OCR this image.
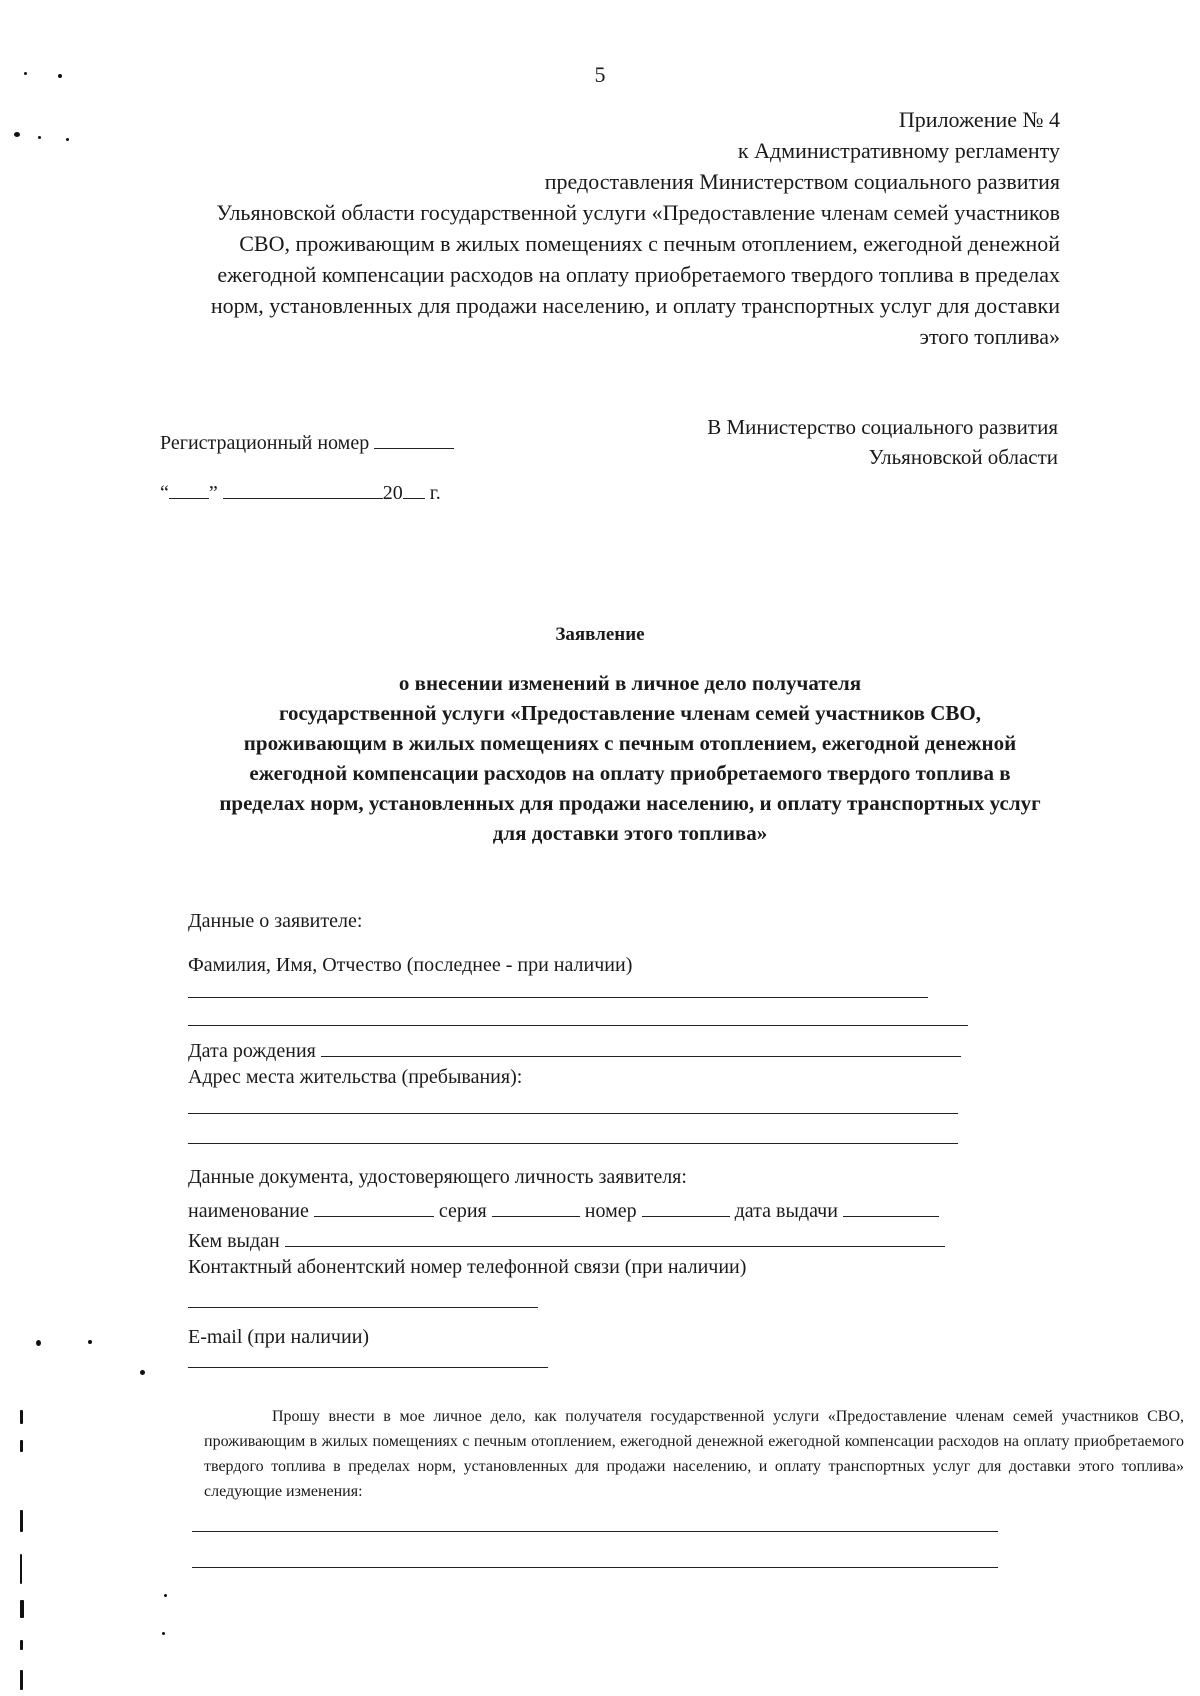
5
Приложение № 4
к Административному регламенту
предоставления Министерством социального развития
Ульяновской области государственной услуги «Предоставление членам семей участников
СВО, проживающим в жилых помещениях с печным отоплением, ежегодной денежной
ежегодной компенсации расходов на оплату приобретаемого твердого топлива в пределах
норм, установленных для продажи населению, и оплату транспортных услуг для доставки
этого топлива»
В Министерство социального развития
Ульяновской области
Регистрационный номер
“ ”	20 г.
Заявление
о внесении изменений в личное дело получателя
государственной услуги «Предоставление членам семей участников СВО,
проживающим в жилых помещениях с печным отоплением, ежегодной денежной
ежегодной компенсации расходов на оплату приобретаемого твердого топлива в
пределах норм, установленных для продажи населению, и оплату транспортных услуг
для доставки этого топлива»
Данные о заявителе:
Фамилия, Имя, Отчество (последнее - при наличии)
Дата рождения
Адрес места жительства (пребывания):
Данные документа, удостоверяющего личность заявителя:
наименование	серия	номер	дата выдачи
Кем выдан
Контактный абонентский номер телефонной связи (при наличии)
E-mail (при наличии)

Прошу внести в мое личное дело, как получателя государственной услуги «Предоставление членам семей участников СВО, проживающим в жилых помещениях с печным отоплением, ежегодной денежной ежегодной компенсации расходов на оплату приобретаемого твердого топлива в пределах норм, установленных для продажи населению, и оплату транспортных услуг для доставки этого топлива» следующие изменения:
